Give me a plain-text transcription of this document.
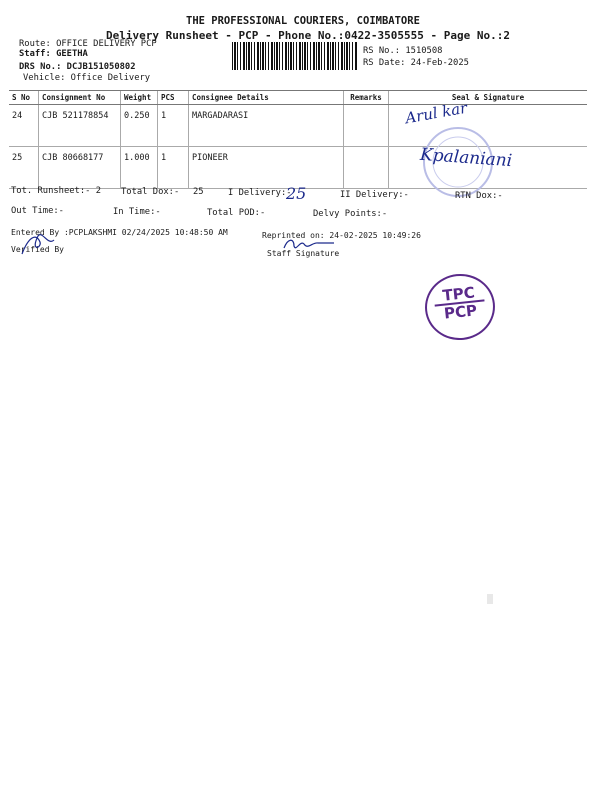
THE PROFESSIONAL COURIERS, COIMBATORE
Delivery Runsheet - PCP - Phone No.:0422-3505555 - Page No.:2
Route: OFFICE DELIVERY PCP
Staff: GEETHA
DRS No.: DCJB151050802
Vehicle: Office Delivery
RS No.: 1510508
RS Date: 24-Feb-2025
S No	Consignment No	Weight	PCS	Consignee Details	Remarks	Seal & Signature
24	CJB 521178854	0.250	1	MARGADARASI		
25	CJB 80668177	1.000	1	PIONEER		
Arul kar
Kpalaniani
Tot. Runsheet:- 2 Total Dox:- 25	I Delivery:-
25	II Delivery:-	RTN Dox:-
Out Time:-	In Time:-	Total POD:-	Delvy Points:-
Entered By :PCPLAKSHMI 02/24/2025 10:48:50 AM	Reprinted on: 24-02-2025 10:49:26
Verified By	Staff Signature
TPC
PCP
